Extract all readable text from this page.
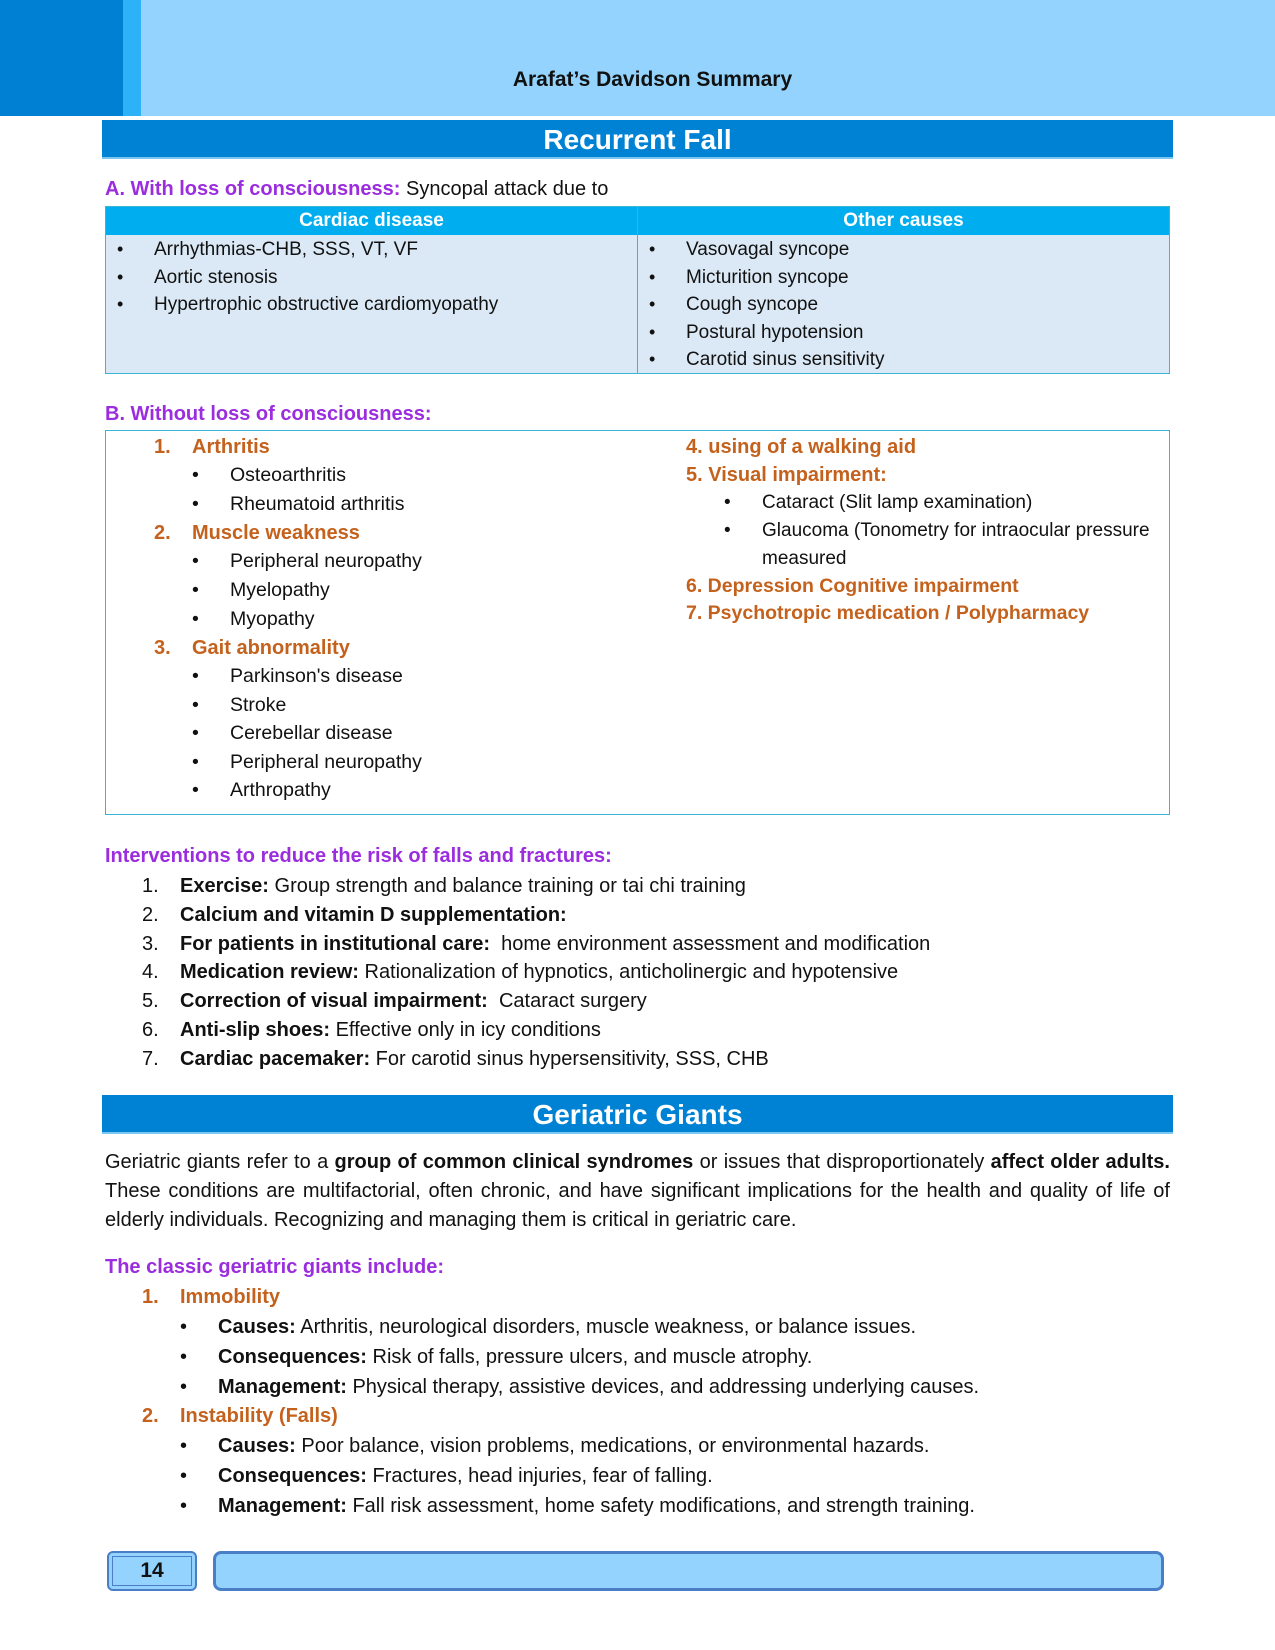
Arafat’s Davidson Summary
Recurrent Fall
A. With loss of consciousness: Syncopal attack due to
Cardiac disease
• Arrhythmias-CHB, SSS, VT, VF
• Aortic stenosis
• Hypertrophic obstructive cardiomyopathy
Other causes
• Vasovagal syncope
• Micturition syncope
• Cough syncope
• Postural hypotension
• Carotid sinus sensitivity
B. Without loss of consciousness:
1. Arthritis
• Osteoarthritis
• Rheumatoid arthritis
2. Muscle weakness
• Peripheral neuropathy
• Myelopathy
• Myopathy
3. Gait abnormality
• Parkinson's disease
• Stroke
• Cerebellar disease
• Peripheral neuropathy
• Arthropathy
4. using of a walking aid
5. Visual impairment:
• Cataract (Slit lamp examination)
• Glaucoma (Tonometry for intraocular pressure measured
6. Depression Cognitive impairment
7. Psychotropic medication / Polypharmacy
Interventions to reduce the risk of falls and fractures:
1. Exercise: Group strength and balance training or tai chi training
2. Calcium and vitamin D supplementation:
3. For patients in institutional care:  home environment assessment and modification
4. Medication review: Rationalization of hypnotics, anticholinergic and hypotensive
5. Correction of visual impairment:  Cataract surgery
6. Anti-slip shoes: Effective only in icy conditions
7. Cardiac pacemaker: For carotid sinus hypersensitivity, SSS, CHB
Geriatric Giants
Geriatric giants refer to a group of common clinical syndromes or issues that disproportionately affect older adults. These conditions are multifactorial, often chronic, and have significant implications for the health and quality of life of elderly individuals. Recognizing and managing them is critical in geriatric care.
The classic geriatric giants include:
1. Immobility
• Causes: Arthritis, neurological disorders, muscle weakness, or balance issues.
• Consequences: Risk of falls, pressure ulcers, and muscle atrophy.
• Management: Physical therapy, assistive devices, and addressing underlying causes.
2. Instability (Falls)
• Causes: Poor balance, vision problems, medications, or environmental hazards.
• Consequences: Fractures, head injuries, fear of falling.
• Management: Fall risk assessment, home safety modifications, and strength training.
14
